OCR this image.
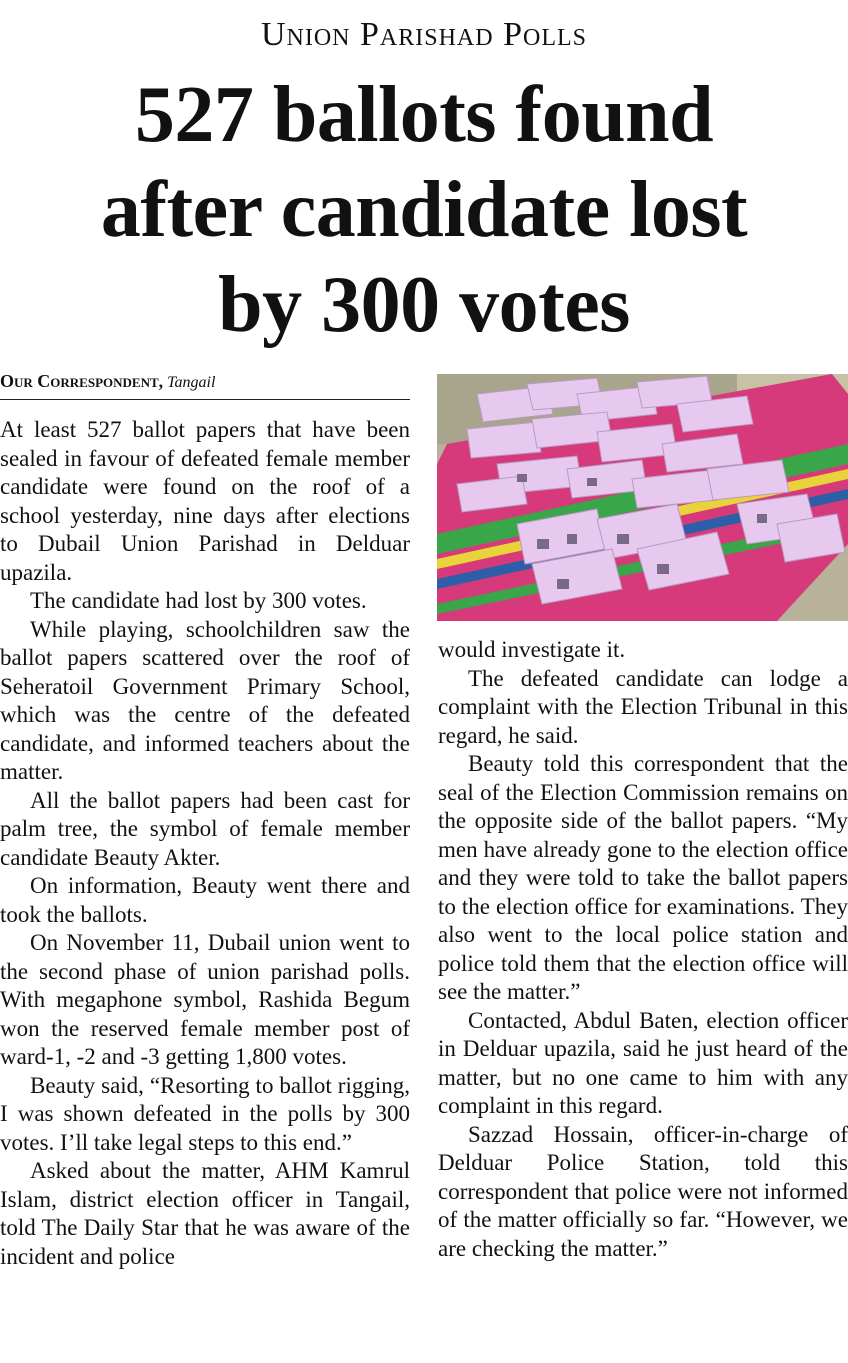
Union Parishad Polls
527 ballots found
after candidate lost
by 300 votes
Our Correspondent, Tangail

At least 527 ballot papers that have been sealed in favour of defeated female member candidate were found on the roof of a school yesterday, nine days after elections to Dubail Union Parishad in Delduar upazila.

The candidate had lost by 300 votes.

While playing, schoolchildren saw the ballot papers scattered over the roof of Seheratoil Government Primary School, which was the centre of the defeated candidate, and informed teachers about the matter.

All the ballot papers had been cast for palm tree, the symbol of female member candidate Beauty Akter.

On information, Beauty went there and took the ballots.

On November 11, Dubail union went to the second phase of union parishad polls. With megaphone symbol, Rashida Begum won the reserved female member post of ward-1, -2 and -3 getting 1,800 votes.

Beauty said, “Resorting to ballot rigging, I was shown defeated in the polls by 300 votes. I’ll take legal steps to this end.”

Asked about the matter, AHM Kamrul Islam, district election officer in Tangail, told The Daily Star that he was aware of the incident and police

would investigate it.

The defeated candidate can lodge a complaint with the Election Tribunal in this regard, he said.

Beauty told this correspondent that the seal of the Election Commission remains on the opposite side of the ballot papers. “My men have already gone to the election office and they were told to take the ballot papers to the election office for examinations. They also went to the local police station and police told them that the election office will see the matter.”

Contacted, Abdul Baten, election officer in Delduar upazila, said he just heard of the matter, but no one came to him with any complaint in this regard.

Sazzad Hossain, officer-in-charge of Delduar Police Station, told this correspondent that police were not informed of the matter officially so far. “However, we are checking the matter.”
